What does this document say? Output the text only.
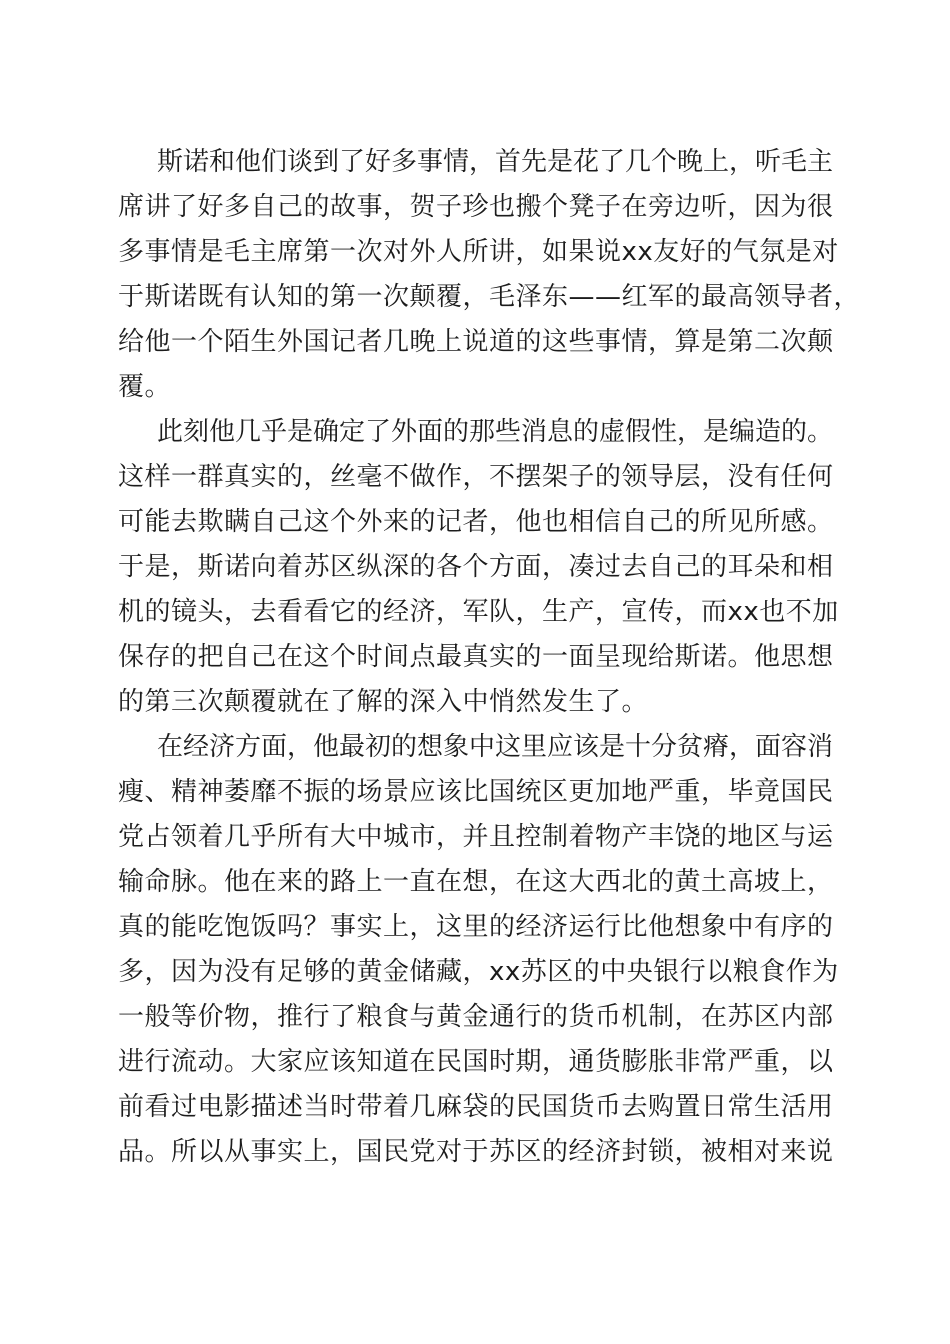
斯诺和他们谈到了好多事情，首先是花了几个晚上，听毛主
席讲了好多自己的故事，贺子珍也搬个凳子在旁边听，因为很
多事情是毛主席第一次对外人所讲，如果说xx友好的气氛是对
于斯诺既有认知的第一次颠覆，毛泽东——红军的最高领导者，
给他一个陌生外国记者几晚上说道的这些事情，算是第二次颠
覆。
此刻他几乎是确定了外面的那些消息的虚假性，是编造的。
这样一群真实的，丝毫不做作，不摆架子的领导层，没有任何
可能去欺瞒自己这个外来的记者，他也相信自己的所见所感。
于是，斯诺向着苏区纵深的各个方面，凑过去自己的耳朵和相
机的镜头，去看看它的经济，军队，生产，宣传，而xx也不加
保存的把自己在这个时间点最真实的一面呈现给斯诺。他思想
的第三次颠覆就在了解的深入中悄然发生了。
在经济方面，他最初的想象中这里应该是十分贫瘠，面容消
瘦、精神萎靡不振的场景应该比国统区更加地严重，毕竟国民
党占领着几乎所有大中城市，并且控制着物产丰饶的地区与运
输命脉。他在来的路上一直在想，在这大西北的黄土高坡上，
真的能吃饱饭吗？事实上，这里的经济运行比他想象中有序的
多，因为没有足够的黄金储藏，xx苏区的中央银行以粮食作为
一般等价物，推行了粮食与黄金通行的货币机制，在苏区内部
进行流动。大家应该知道在民国时期，通货膨胀非常严重，以
前看过电影描述当时带着几麻袋的民国货币去购置日常生活用
品。所以从事实上，国民党对于苏区的经济封锁，被相对来说
